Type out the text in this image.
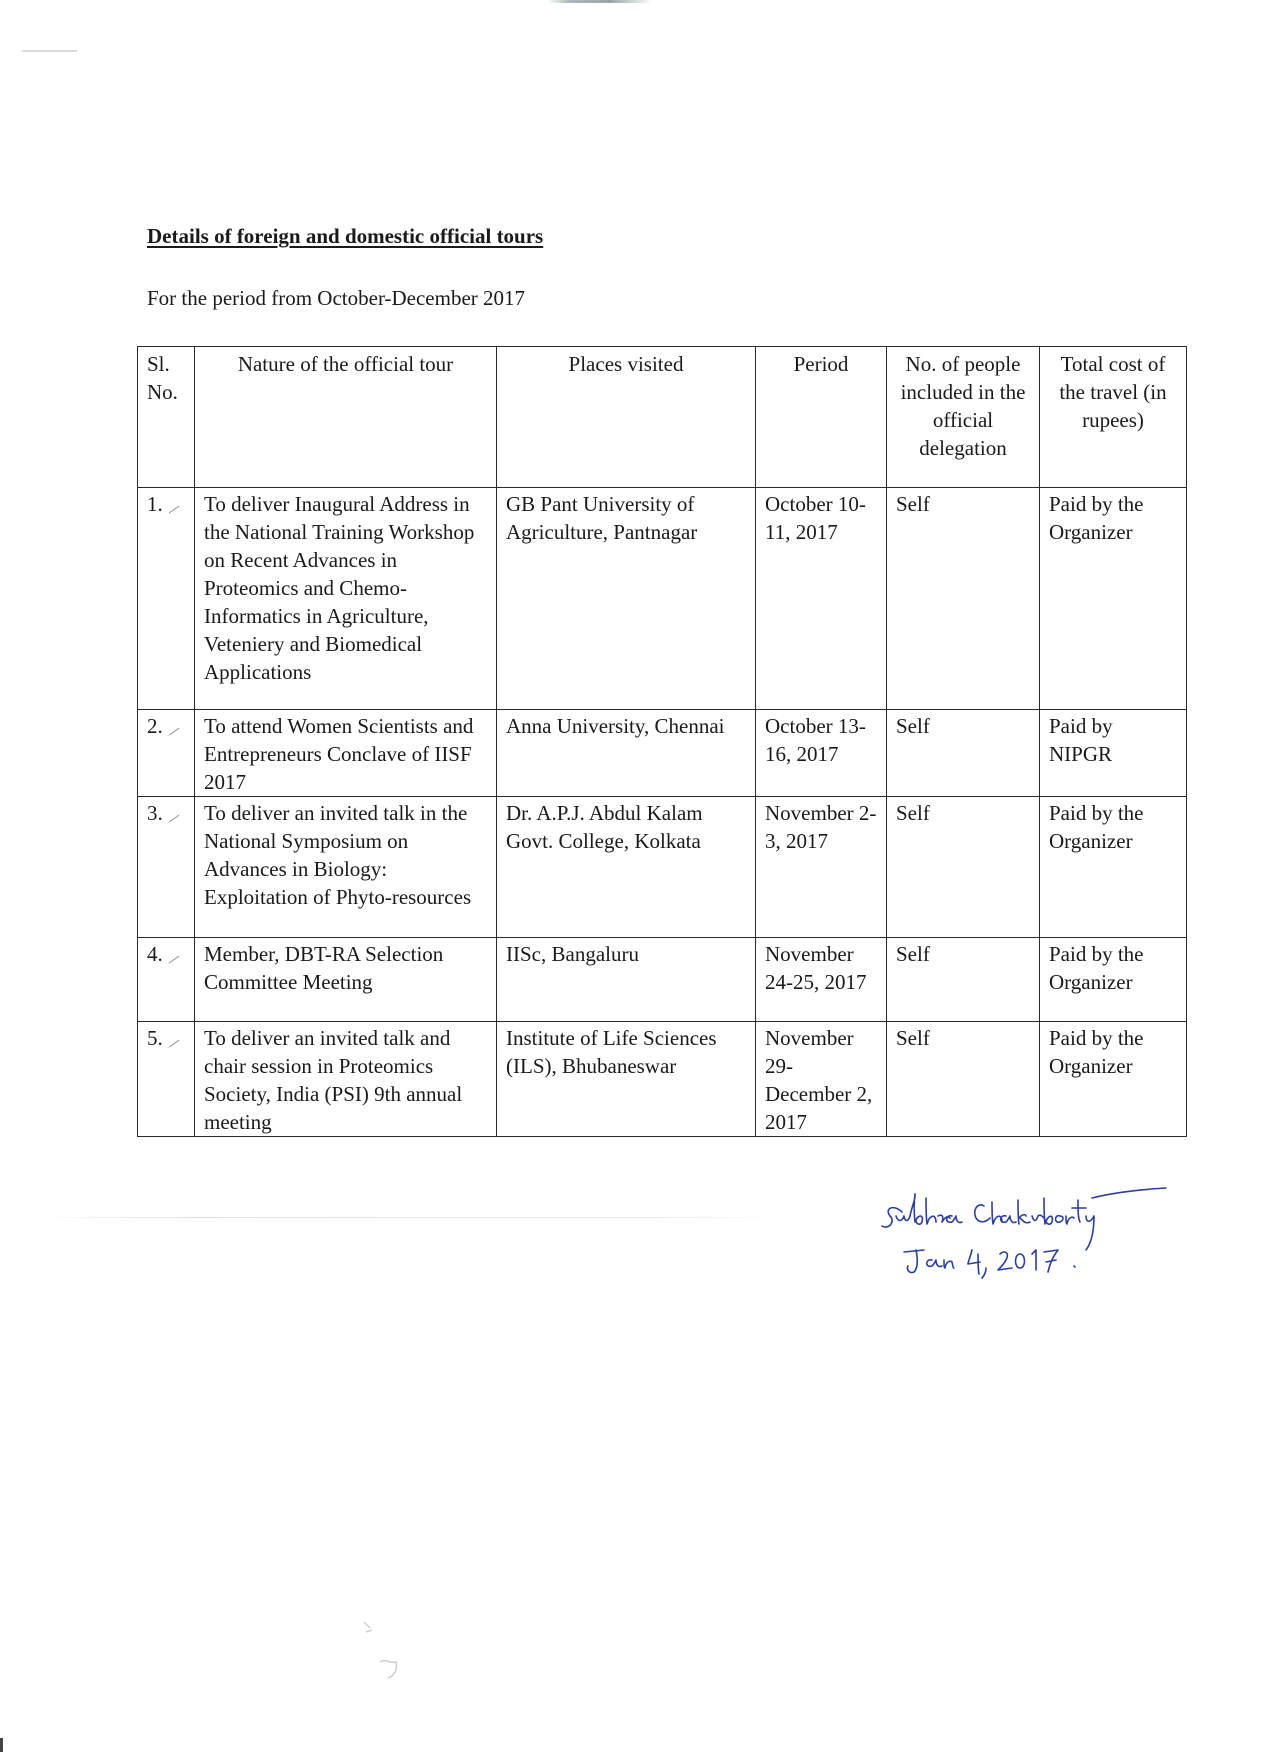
Details of foreign and domestic official tours

For the period from October-December 2017

Sl. No.	Nature of the official tour	Places visited	Period	No. of people included in the official delegation	Total cost of the travel (in rupees)
1.	To deliver Inaugural Address in the National Training Workshop on Recent Advances in Proteomics and Chemo-Informatics in Agriculture, Veteniery and Biomedical Applications	GB Pant University of Agriculture, Pantnagar	October 10-11, 2017	Self	Paid by the Organizer
2.	To attend Women Scientists and Entrepreneurs Conclave of IISF 2017	Anna University, Chennai	October 13-16, 2017	Self	Paid by NIPGR
3.	To deliver an invited talk in the National Symposium on Advances in Biology: Exploitation of Phyto-resources	Dr. A.P.J. Abdul Kalam Govt. College, Kolkata	November 2-3, 2017	Self	Paid by the Organizer
4.	Member, DBT-RA Selection Committee Meeting	IISc, Bangaluru	November 24-25, 2017	Self	Paid by the Organizer
5.	To deliver an invited talk and chair session in Proteomics Society, India (PSI) 9th annual meeting	Institute of Life Sciences (ILS), Bhubaneswar	November 29-December 2, 2017	Self	Paid by the Organizer
